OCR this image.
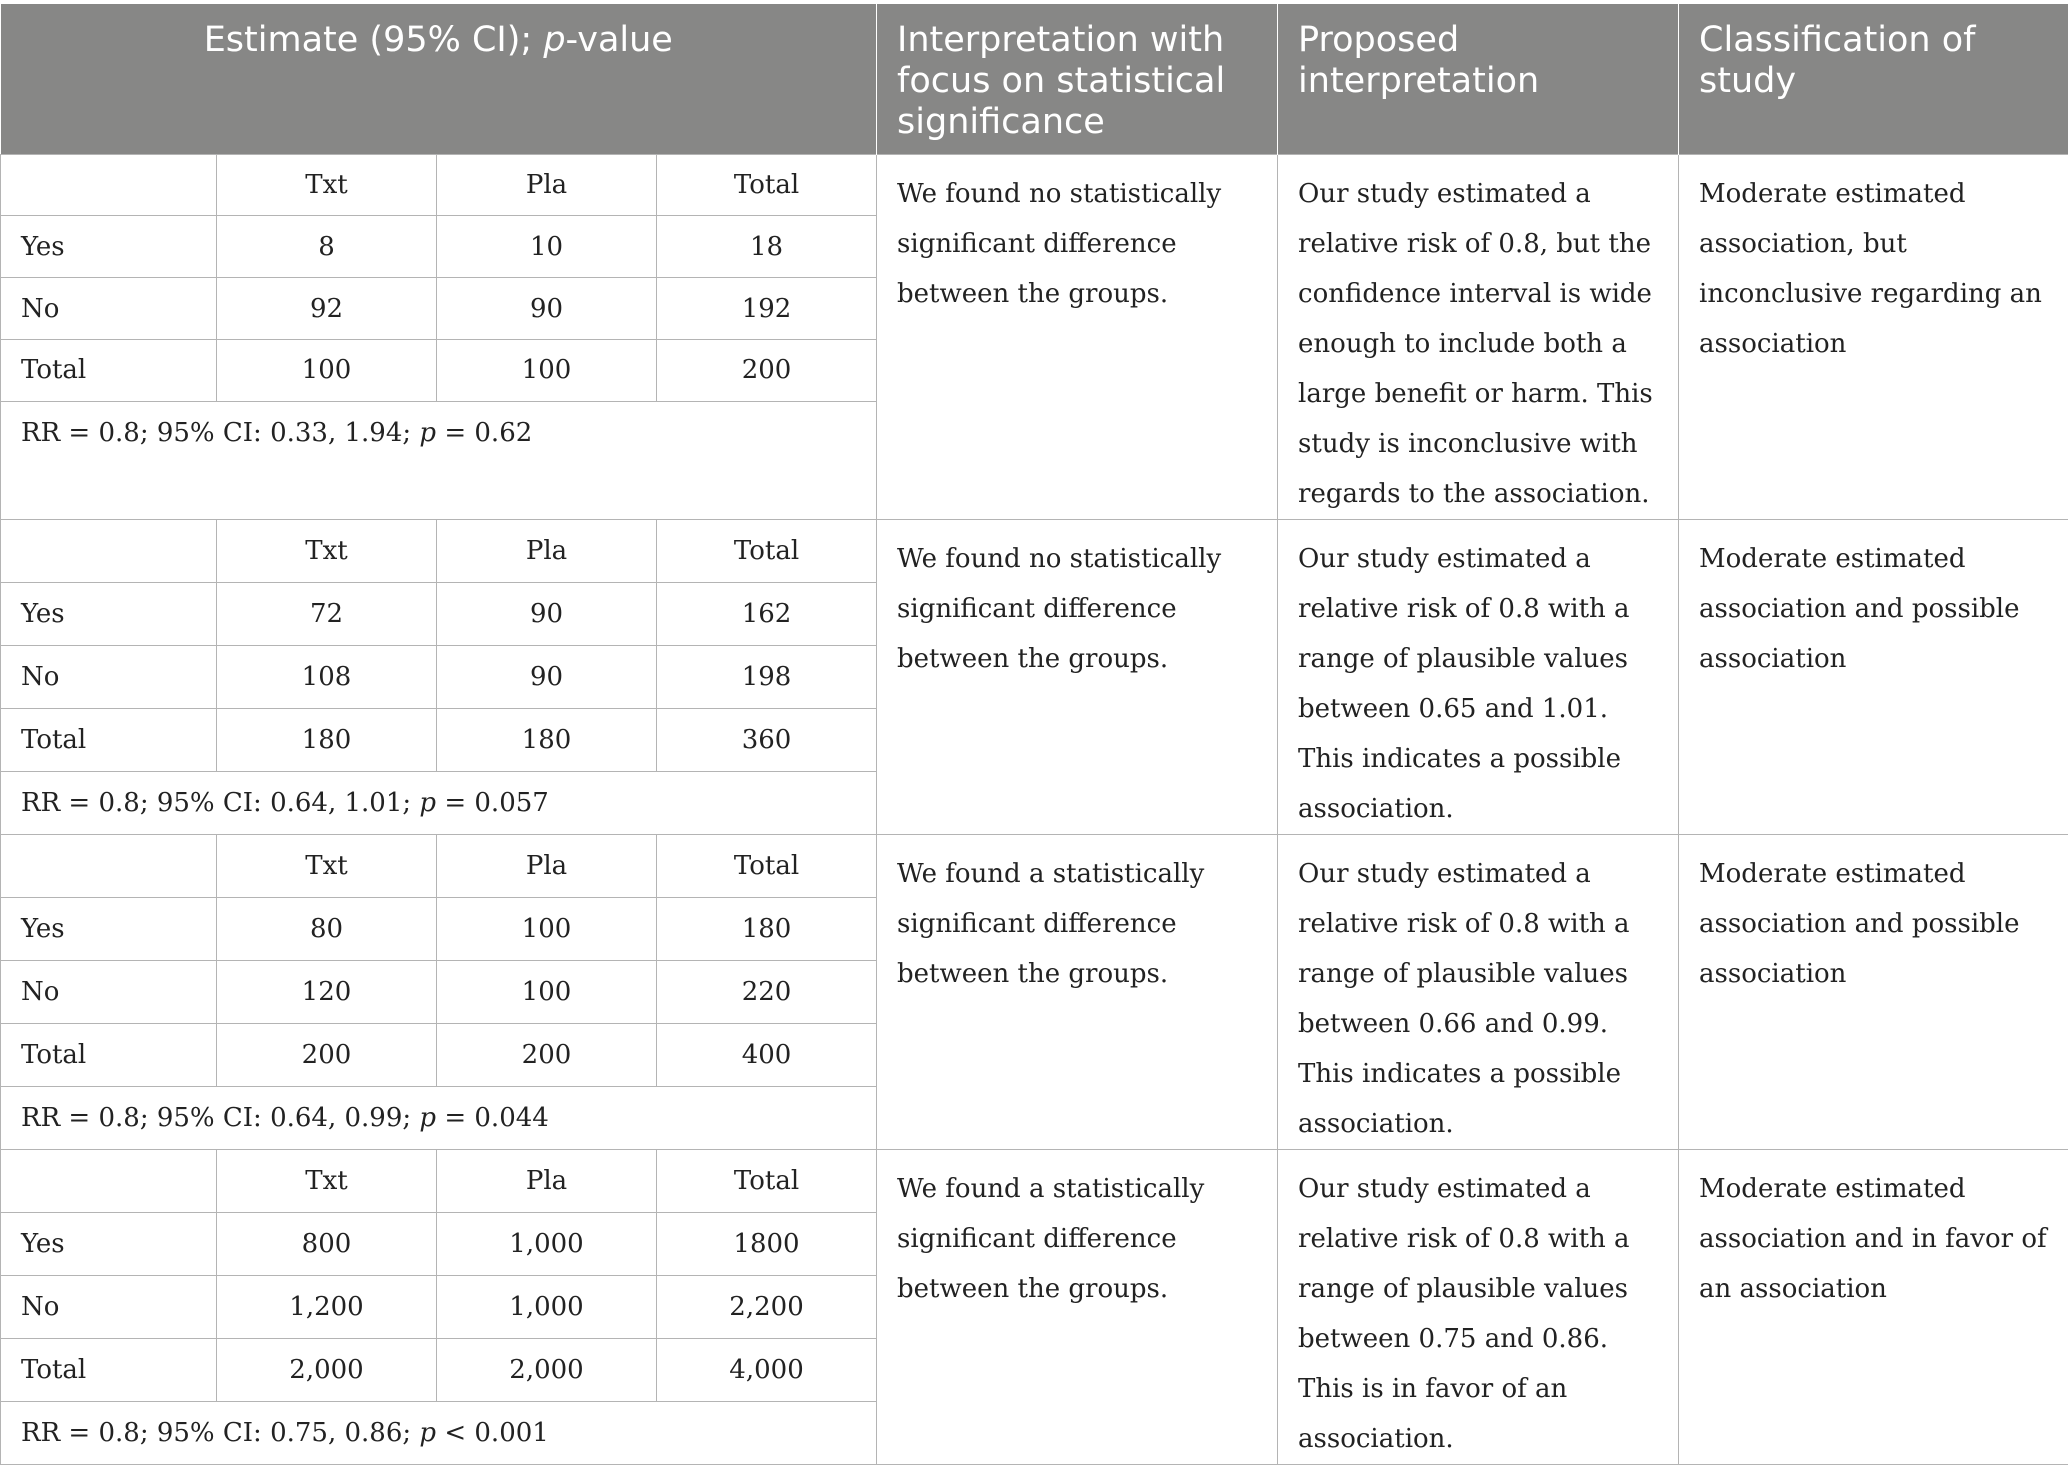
Estimate (95% CI); p-value				Interpretation with focus on statistical significance	Proposed interpretation	Classification of study
	Txt	Pla	Total	We found no statistically significant difference between the groups.	Our study estimated a relative risk of 0.8, but the confidence interval is wide enough to include both a large benefit or harm. This study is inconclusive with regards to the association.	Moderate estimated association, but inconclusive regarding an association
Yes	8	10	18			
No	92	90	192			
Total	100	100	200			
RR = 0.8; 95% CI: 0.33, 1.94; p = 0.62						
	Txt	Pla	Total	We found no statistically significant difference between the groups.	Our study estimated a relative risk of 0.8 with a range of plausible values between 0.65 and 1.01. This indicates a possible association.	Moderate estimated association and possible association
Yes	72	90	162			
No	108	90	198			
Total	180	180	360			
RR = 0.8; 95% CI: 0.64, 1.01; p = 0.057						
	Txt	Pla	Total	We found a statistically significant difference between the groups.	Our study estimated a relative risk of 0.8 with a range of plausible values between 0.66 and 0.99. This indicates a possible association.	Moderate estimated association and possible association
Yes	80	100	180			
No	120	100	220			
Total	200	200	400			
RR = 0.8; 95% CI: 0.64, 0.99; p = 0.044						
	Txt	Pla	Total	We found a statistically significant difference between the groups.	Our study estimated a relative risk of 0.8 with a range of plausible values between 0.75 and 0.86. This is in favor of an association.	Moderate estimated association and in favor of an association
Yes	800	1,000	1800			
No	1,200	1,000	2,200			
Total	2,000	2,000	4,000			
RR = 0.8; 95% CI: 0.75, 0.86; p < 0.001						
